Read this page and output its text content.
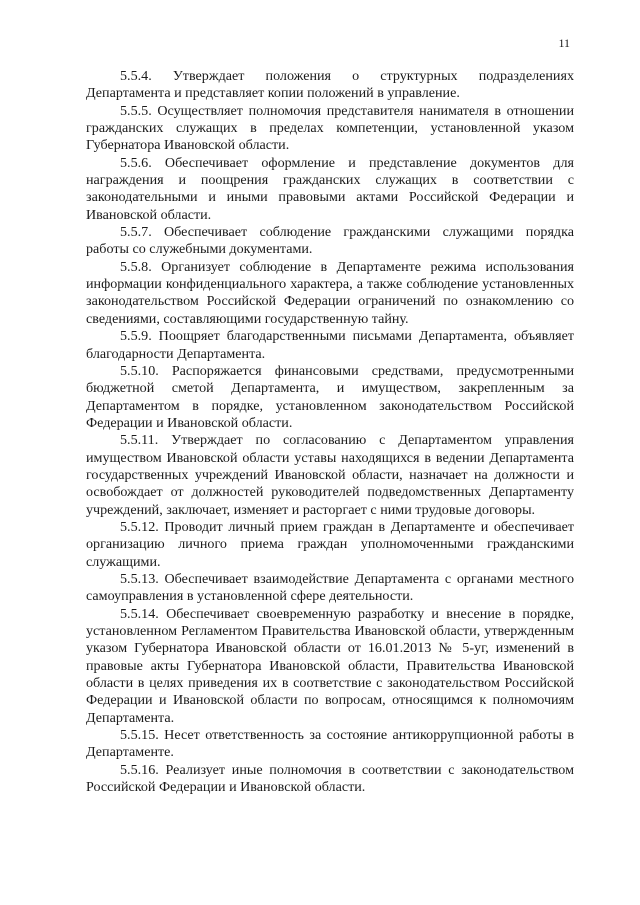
11

5.5.4. Утверждает положения о структурных подразделениях Департамента и представляет копии положений в управление.

5.5.5. Осуществляет полномочия представителя нанимателя в отношении гражданских служащих в пределах компетенции, установленной указом Губернатора Ивановской области.

5.5.6. Обеспечивает оформление и представление документов для награждения и поощрения гражданских служащих в соответствии с законодательными и иными правовыми актами Российской Федерации и Ивановской области.

5.5.7. Обеспечивает соблюдение гражданскими служащими порядка работы со служебными документами.

5.5.8. Организует соблюдение в Департаменте режима использования информации конфиденциального характера, а также соблюдение установленных законодательством Российской Федерации ограничений по ознакомлению со сведениями, составляющими государственную тайну.

5.5.9. Поощряет благодарственными письмами Департамента, объявляет благодарности Департамента.

5.5.10. Распоряжается финансовыми средствами, предусмотренными бюджетной сметой Департамента, и имуществом, закрепленным за Департаментом в порядке, установленном законодательством Российской Федерации и Ивановской области.

5.5.11. Утверждает по согласованию с Департаментом управления имуществом Ивановской области уставы находящихся в ведении Департамента государственных учреждений Ивановской области, назначает на должности и освобождает от должностей руководителей подведомственных Департаменту учреждений, заключает, изменяет и расторгает с ними трудовые договоры.

5.5.12. Проводит личный прием граждан в Департаменте и обеспечивает организацию личного приема граждан уполномоченными гражданскими служащими.

5.5.13. Обеспечивает взаимодействие Департамента с органами местного самоуправления в установленной сфере деятельности.

5.5.14. Обеспечивает своевременную разработку и внесение в порядке, установленном Регламентом Правительства Ивановской области, утвержденным указом Губернатора Ивановской области от 16.01.2013 № 5-уг, изменений в правовые акты Губернатора Ивановской области, Правительства Ивановской области в целях приведения их в соответствие с законодательством Российской Федерации и Ивановской области по вопросам, относящимся к полномочиям Департамента.

5.5.15. Несет ответственность за состояние антикоррупционной работы в Департаменте.

5.5.16. Реализует иные полномочия в соответствии с законодательством Российской Федерации и Ивановской области.
